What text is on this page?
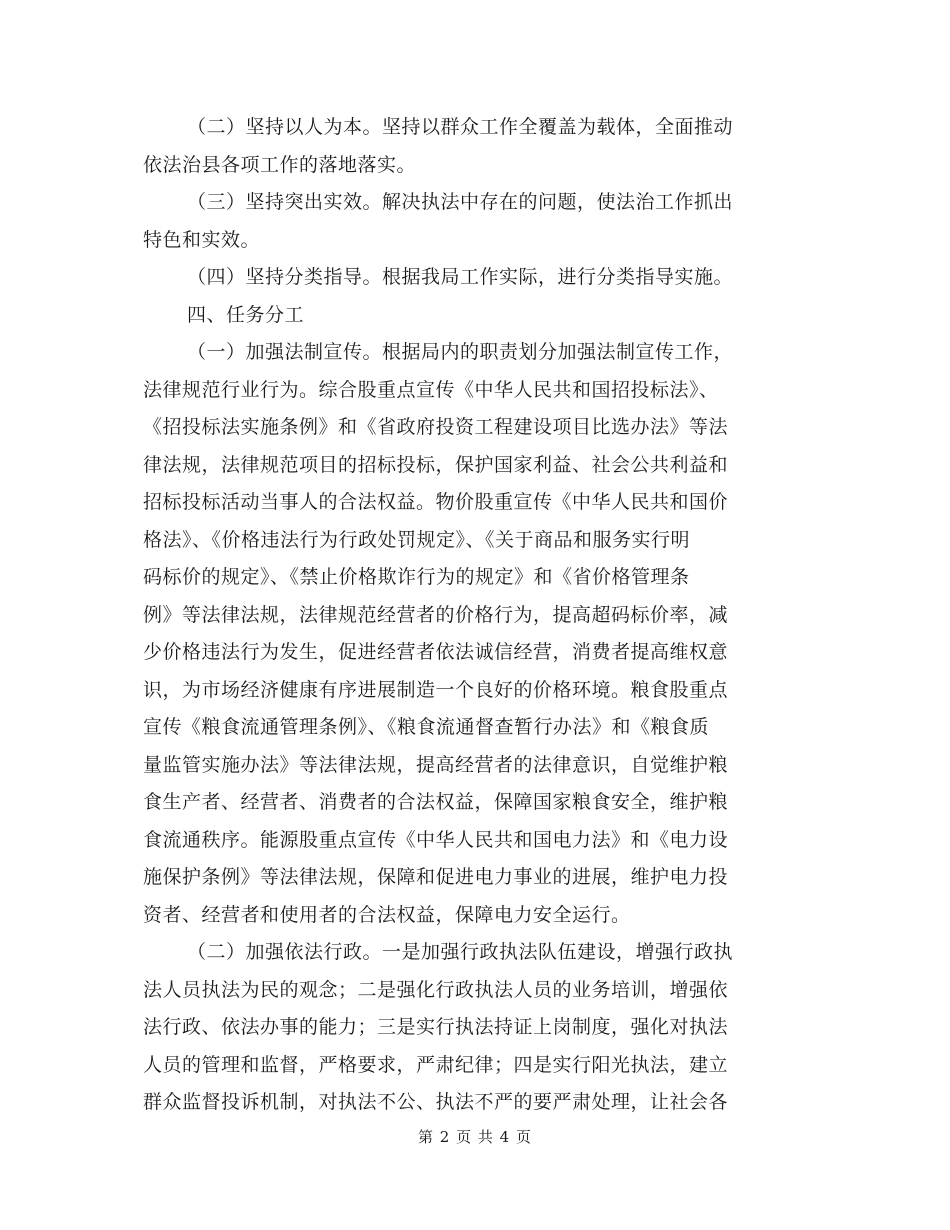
（二）坚持以人为本。坚持以群众工作全覆盖为载体，全面推动
依法治县各项工作的落地落实。
（三）坚持突出实效。解决执法中存在的问题，使法治工作抓出
特色和实效。
（四）坚持分类指导。根据我局工作实际，进行分类指导实施。
四、任务分工
（一）加强法制宣传。根据局内的职责划分加强法制宣传工作，
法律规范行业行为。综合股重点宣传《中华人民共和国招投标法》、
《招投标法实施条例》和《省政府投资工程建设项目比选办法》等法
律法规，法律规范项目的招标投标，保护国家利益、社会公共利益和
招标投标活动当事人的合法权益。物价股重宣传《中华人民共和国价
格法》、《价格违法行为行政处罚规定》、《关于商品和服务实行明
码标价的规定》、《禁止价格欺诈行为的规定》和《省价格管理条
例》等法律法规，法律规范经营者的价格行为，提高超码标价率，减
少价格违法行为发生，促进经营者依法诚信经营，消费者提高维权意
识，为市场经济健康有序进展制造一个良好的价格环境。粮食股重点
宣传《粮食流通管理条例》、《粮食流通督查暂行办法》和《粮食质
量监管实施办法》等法律法规，提高经营者的法律意识，自觉维护粮
食生产者、经营者、消费者的合法权益，保障国家粮食安全，维护粮
食流通秩序。能源股重点宣传《中华人民共和国电力法》和《电力设
施保护条例》等法律法规，保障和促进电力事业的进展，维护电力投
资者、经营者和使用者的合法权益，保障电力安全运行。
（二）加强依法行政。一是加强行政执法队伍建设，增强行政执
法人员执法为民的观念；二是强化行政执法人员的业务培训，增强依
法行政、依法办事的能力；三是实行执法持证上岗制度，强化对执法
人员的管理和监督，严格要求，严肃纪律；四是实行阳光执法，建立
群众监督投诉机制，对执法不公、执法不严的要严肃处理，让社会各
第 2 页 共 4 页
